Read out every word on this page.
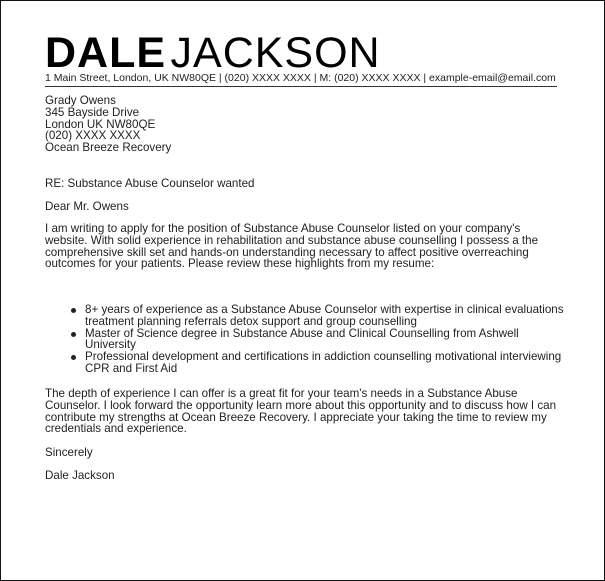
DALE JACKSON
1 Main Street, London, UK NW80QE | (020) XXXX XXXX | M: (020) XXXX XXXX | example-email@email.com
Grady Owens
345 Bayside Drive
London UK NW80QE
(020) XXXX XXXX
Ocean Breeze Recovery
RE: Substance Abuse Counselor wanted
Dear Mr. Owens
I am writing to apply for the position of Substance Abuse Counselor listed on your company's website. With solid experience in rehabilitation and substance abuse counselling I possess a the comprehensive skill set and hands-on understanding necessary to affect positive overreaching outcomes for your patients. Please review these highlights from my resume:
8+ years of experience as a Substance Abuse Counselor with expertise in clinical evaluations treatment planning referrals detox support and group counselling
Master of Science degree in Substance Abuse and Clinical Counselling from Ashwell University
Professional development and certifications in addiction counselling motivational interviewing CPR and First Aid
The depth of experience I can offer is a great fit for your team's needs in a Substance Abuse Counselor. I look forward the opportunity learn more about this opportunity and to discuss how I can contribute my strengths at Ocean Breeze Recovery. I appreciate your taking the time to review my credentials and experience.
Sincerely
Dale Jackson
